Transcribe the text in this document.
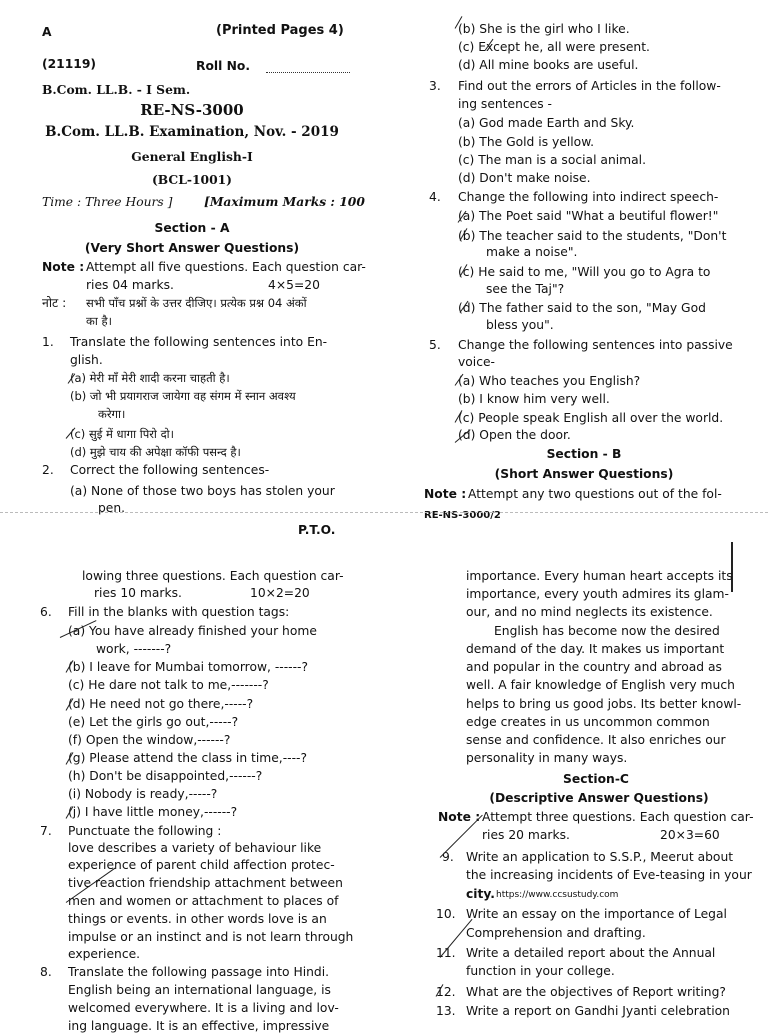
A	(Printed Pages 4)
(21119)	Roll No.
B.Com. LL.B. - I Sem.
RE-NS-3000
B.Com. LL.B. Examination, Nov. - 2019
General English-I
(BCL-1001)
Time : Three Hours ]	[Maximum Marks : 100
Section - A
(Very Short Answer Questions)
Note : Attempt all five questions. Each question car-
ries 04 marks.	4×5=20
नोट : सभी पाँच प्रश्नों के उत्तर दीजिए। प्रत्येक प्रश्न 04 अंकों
का है।
1. Translate the following sentences into En-
glish.
(a) मेरी माँ मेरी शादी करना चाहती है।
(b) जो भी प्रयागराज जायेगा वह संगम में स्नान अवश्य
करेगा।
(c) सुई में धागा पिरो दो।
(d) मुझे चाय की अपेक्षा कॉफी पसन्द है।
2. Correct the following sentences-
(a) None of those two boys has stolen your
pen.
P.T.O.
(b) She is the girl who I like.
(c) Except he, all were present.
(d) All mine books are useful.
3. Find out the errors of Articles in the follow-
ing sentences -
(a) God made Earth and Sky.
(b) The Gold is yellow.
(c) The man is a social animal.
(d) Don't make noise.
4. Change the following into indirect speech-
(a) The Poet said "What a beutiful flower!"
(b) The teacher said to the students, "Don't
make a noise".
(c) He said to me, "Will you go to Agra to
see the Taj"?
(d) The father said to the son, "May God
bless you".
5. Change the following sentences into passive
voice-
(a) Who teaches you English?
(b) I know him very well.
(c) People speak English all over the world.
(d) Open the door.
Section - B
(Short Answer Questions)
Note : Attempt any two questions out of the fol-
RE-NS-3000/2
lowing three questions. Each question car-
ries 10 marks.	10×2=20
6. Fill in the blanks with question tags:
(a) You have already finished your home
work, -------?
(b) I leave for Mumbai tomorrow, ------?
(c) He dare not talk to me,-------?
(d) He need not go there,-----?
(e) Let the girls go out,-----?
(f) Open the window,------?
(g) Please attend the class in time,----?
(h) Don't be disappointed,------?
(i) Nobody is ready,-----?
(j) I have little money,------?
7. Punctuate the following :
love describes a variety of behaviour like
experience of parent child affection protec-
tive reaction friendship attachment between
men and women or attachment to places of
things or events. in other words love is an
impulse or an instinct and is not learn through
experience.
8. Translate the following passage into Hindi.
English being an international language, is
welcomed everywhere. It is a living and lov-
ing language. It is an effective, impressive
importance. Every human heart accepts its
importance, every youth admires its glam-
our, and no mind neglects its existence.
English has become now the desired
demand of the day. It makes us important
and popular in the country and abroad as
well. A fair knowledge of English very much
helps to bring us good jobs. Its better knowl-
edge creates in us uncommon common
sense and confidence. It also enriches our
personality in many ways.
Section-C
(Descriptive Answer Questions)
Note : Attempt three questions. Each question car-
ries 20 marks.	20×3=60
9. Write an application to S.S.P., Meerut about
the increasing incidents of Eve-teasing in your
city. https://www.ccsustudy.com
10. Write an essay on the importance of Legal
Comprehension and drafting.
11. Write a detailed report about the Annual
function in your college.
12. What are the objectives of Report writing?
13. Write a report on Gandhi Jyanti celebration
